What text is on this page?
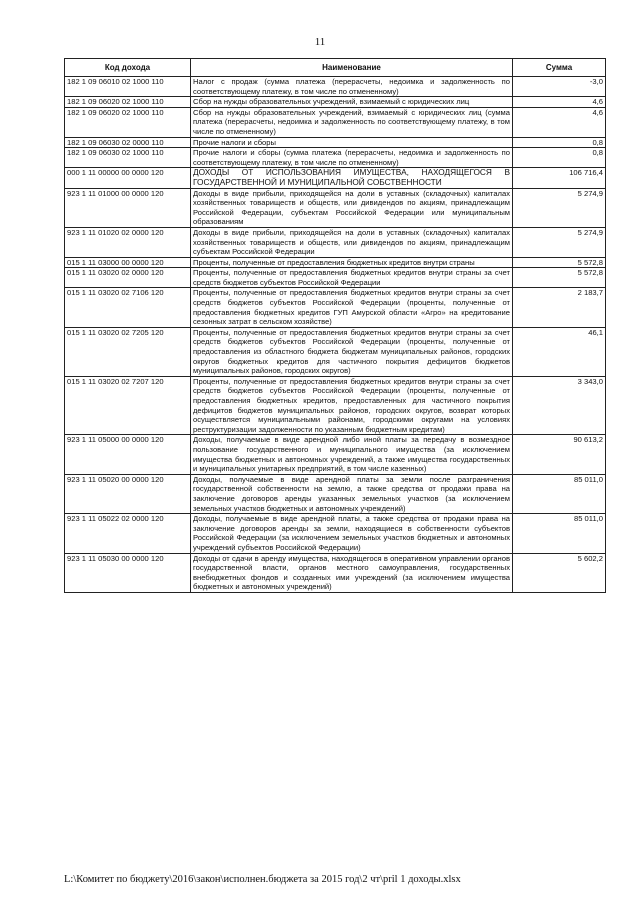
11
Код дохода	Наименование	Сумма
182 1 09 06010 02 1000 110	Налог с продаж (сумма платежа (перерасчеты, недоимка и задолженность по соответствующему платежу, в том числе по отмененному)	-3,0
182 1 09 06020 02 1000 110	Сбор на нужды образовательных учреждений, взимаемый с юридических лиц	4,6
182 1 09 06020 02 1000 110	Сбор на нужды образовательных учреждений, взимаемый с юридических лиц (сумма платежа (перерасчеты, недоимка и задолженность по соответствующему платежу, в том числе по отмененному)	4,6
182 1 09 06030 02 0000 110	Прочие налоги и сборы	0,8
182 1 09 06030 02 1000 110	Прочие налоги и сборы (сумма платежа (перерасчеты, недоимка и задолженность по соответствующему платежу, в том числе по отмененному)	0,8
000 1 11 00000 00 0000 120	ДОХОДЫ ОТ ИСПОЛЬЗОВАНИЯ ИМУЩЕСТВА, НАХОДЯЩЕГОСЯ В ГОСУДАРСТВЕННОЙ И МУНИЦИПАЛЬНОЙ СОБСТВЕННОСТИ	106 716,4
923 1 11 01000 00 0000 120	Доходы в виде прибыли, приходящейся на доли в уставных (складочных) капиталах хозяйственных товариществ и обществ, или дивидендов по акциям, принадлежащим Российской Федерации, субъектам Российской Федерации или муниципальным образованиям	5 274,9
923 1 11 01020 02 0000 120	Доходы в виде прибыли, приходящейся на доли в уставных (складочных) капиталах хозяйственных товариществ и обществ, или дивидендов по акциям, принадлежащим субъектам Российской Федерации	5 274,9
015 1 11 03000 00 0000 120	Проценты, полученные от предоставления бюджетных кредитов внутри страны	5 572,8
015 1 11 03020 02 0000 120	Проценты, полученные от предоставления бюджетных кредитов внутри страны за счет средств бюджетов субъектов Российской Федерации	5 572,8
015 1 11 03020 02 7106 120	Проценты, полученные от предоставления бюджетных кредитов внутри страны за счет средств бюджетов субъектов Российской Федерации (проценты, полученные от предоставления бюджетных кредитов ГУП Амурской области «Агро» на кредитование сезонных затрат в сельском хозяйстве)	2 183,7
015 1 11 03020 02 7205 120	Проценты, полученные от предоставления бюджетных кредитов внутри страны за счет средств бюджетов субъектов Российской Федерации (проценты, полученные от предоставления из областного бюджета бюджетам муниципальных районов, городских округов бюджетных кредитов для частичного покрытия дефицитов бюджетов муниципальных районов, городских округов)	46,1
015 1 11 03020 02 7207 120	Проценты, полученные от предоставления бюджетных кредитов внутри страны за счет средств бюджетов субъектов Российской Федерации (проценты, полученные от предоставления бюджетных кредитов, предоставленных для частичного покрытия дефицитов бюджетов муниципальных районов, городских округов, возврат которых осуществляется муниципальными районами, городскими округами на условиях реструктуризации задолженности по указанным бюджетным кредитам)	3 343,0
923 1 11 05000 00 0000 120	Доходы, получаемые в виде арендной либо иной платы за передачу в возмездное пользование государственного и муниципального имущества (за исключением имущества бюджетных и автономных учреждений, а также имущества государственных и муниципальных унитарных предприятий, в том числе казенных)	90 613,2
923 1 11 05020 00 0000 120	Доходы, получаемые в виде арендной платы за земли после разграничения государственной собственности на землю, а также средства от продажи права на заключение договоров аренды указанных земельных участков (за исключением земельных участков бюджетных и автономных учреждений)	85 011,0
923 1 11 05022 02 0000 120	Доходы, получаемые в виде арендной платы, а также средства от продажи права на заключение договоров аренды за земли, находящиеся в собственности субъектов Российской Федерации (за исключением земельных участков бюджетных и автономных учреждений субъектов Российской Федерации)	85 011,0
923 1 11 05030 00 0000 120	Доходы от сдачи в аренду имущества, находящегося в оперативном управлении органов государственной власти, органов местного самоуправления, государственных внебюджетных фондов и созданных ими учреждений (за исключением имущества бюджетных и автономных учреждений)	5 602,2
L:\Комитет по бюджету\2016\закон\исполнен.бюджета за 2015 год\2 чт\pril 1 доходы.xlsx
